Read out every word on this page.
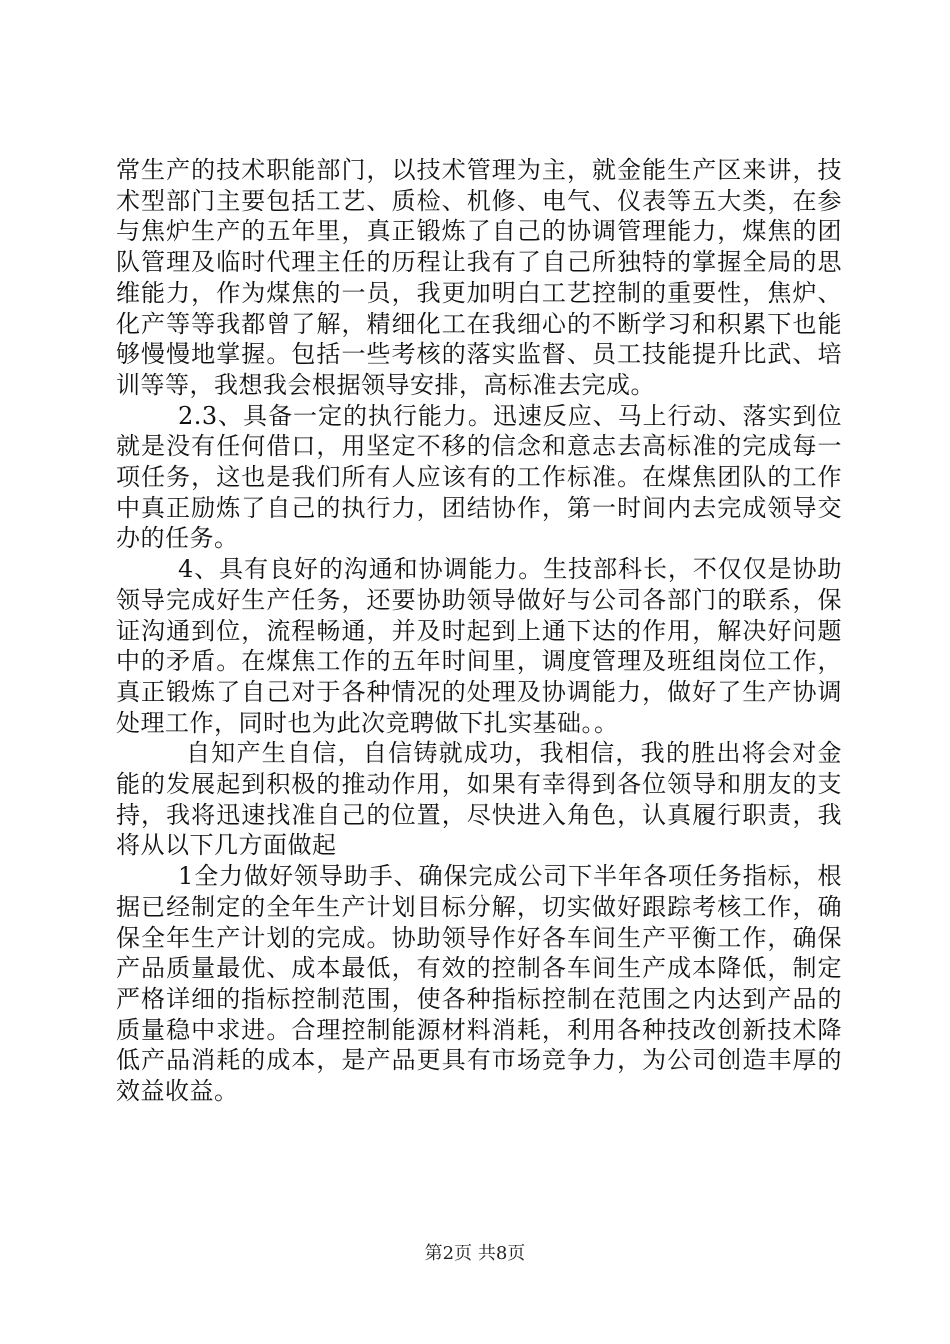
常生产的技术职能部门，以技术管理为主，就金能生产区来讲，技术型部门主要包括工艺、质检、机修、电气、仪表等五大类，在参与焦炉生产的五年里，真正锻炼了自己的协调管理能力，煤焦的团队管理及临时代理主任的历程让我有了自己所独特的掌握全局的思维能力，作为煤焦的一员，我更加明白工艺控制的重要性，焦炉、化产等等我都曾了解，精细化工在我细心的不断学习和积累下也能够慢慢地掌握。包括一些考核的落实监督、员工技能提升比武、培训等等，我想我会根据领导安排，高标准去完成。

2.3、具备一定的执行能力。迅速反应、马上行动、落实到位就是没有任何借口，用坚定不移的信念和意志去高标准的完成每一项任务，这也是我们所有人应该有的工作标准。在煤焦团队的工作中真正励炼了自己的执行力，团结协作，第一时间内去完成领导交办的任务。

4、具有良好的沟通和协调能力。生技部科长，不仅仅是协助领导完成好生产任务，还要协助领导做好与公司各部门的联系，保证沟通到位，流程畅通，并及时起到上通下达的作用，解决好问题中的矛盾。在煤焦工作的五年时间里，调度管理及班组岗位工作，真正锻炼了自己对于各种情况的处理及协调能力，做好了生产协调处理工作，同时也为此次竞聘做下扎实基础。。

自知产生自信，自信铸就成功，我相信，我的胜出将会对金能的发展起到积极的推动作用，如果有幸得到各位领导和朋友的支持，我将迅速找准自己的位置，尽快进入角色，认真履行职责，我将从以下几方面做起

1全力做好领导助手、确保完成公司下半年各项任务指标，根据已经制定的全年生产计划目标分解，切实做好跟踪考核工作，确保全年生产计划的完成。协助领导作好各车间生产平衡工作，确保产品质量最优、成本最低，有效的控制各车间生产成本降低，制定严格详细的指标控制范围，使各种指标控制在范围之内达到产品的质量稳中求进。合理控制能源材料消耗，利用各种技改创新技术降低产品消耗的成本，是产品更具有市场竞争力，为公司创造丰厚的效益收益。

第2页 共8页
